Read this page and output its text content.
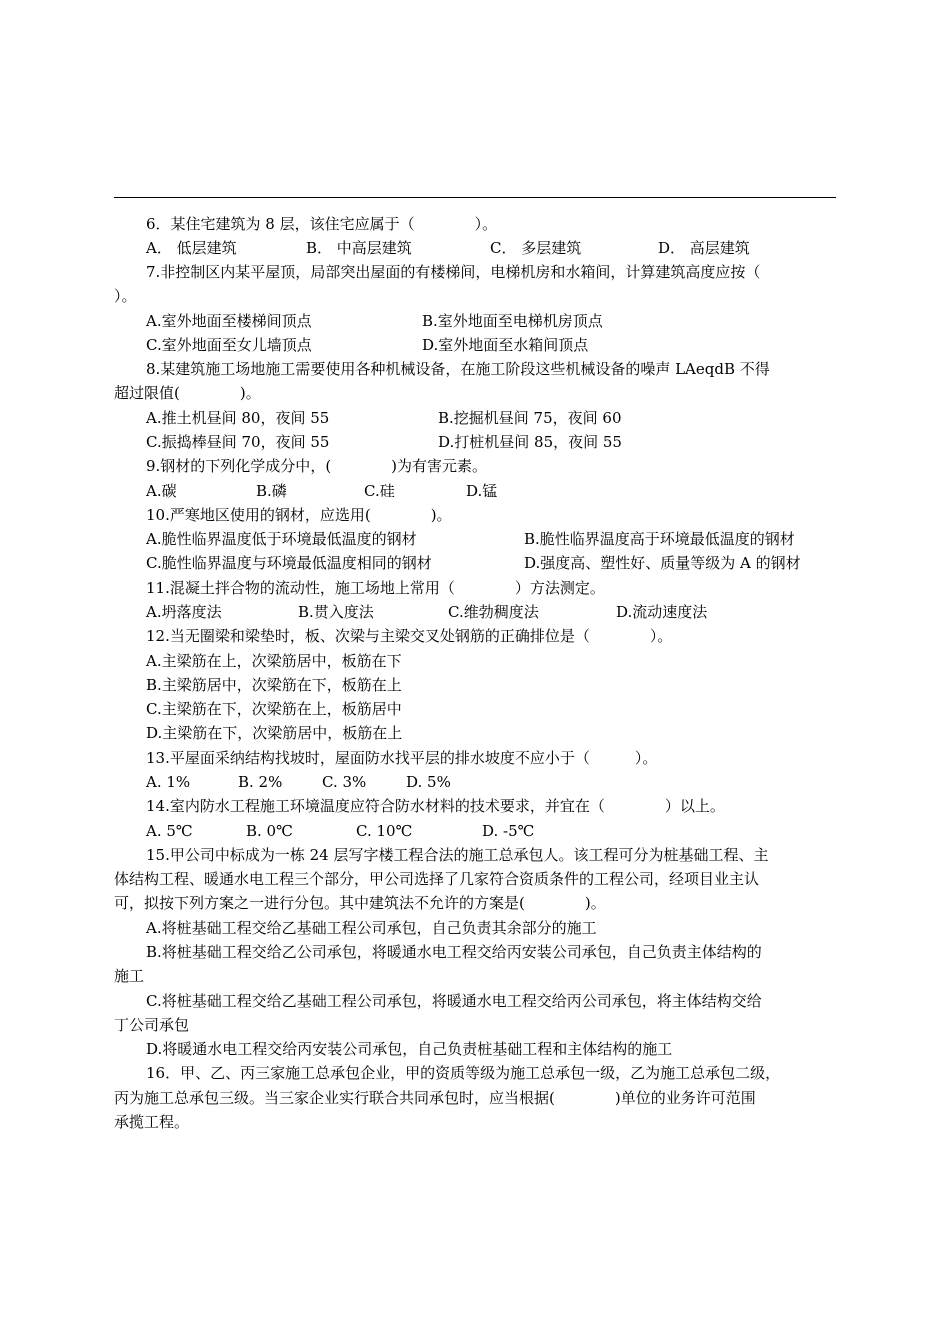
6．某住宅建筑为 8 层，该住宅应属于（　　　　）。
A． 低层建筑	B． 中高层建筑	C． 多层建筑	D． 高层建筑
7.非控制区内某平屋顶，局部突出屋面的有楼梯间，电梯机房和水箱间，计算建筑高度应按（
）。
A.室外地面至楼梯间顶点	B.室外地面至电梯机房顶点
C.室外地面至女儿墙顶点	D.室外地面至水箱间顶点
8.某建筑施工场地施工需要使用各种机械设备，在施工阶段这些机械设备的噪声 LAeqdB 不得
超过限值(　　　　)。
A.推土机昼间 80，夜间 55	B.挖掘机昼间 75，夜间 60
C.振捣棒昼间 70，夜间 55	D.打桩机昼间 85，夜间 55
9.钢材的下列化学成分中，(　　　　)为有害元素。
A.碳	B.磷	C.硅	D.锰
10.严寒地区使用的钢材，应选用(　　　　)。
A.脆性临界温度低于环境最低温度的钢材	B.脆性临界温度高于环境最低温度的钢材
C.脆性临界温度与环境最低温度相同的钢材	D.强度高、塑性好、质量等级为 A 的钢材
11.混凝土拌合物的流动性，施工场地上常用（　　　　）方法测定。
A.坍落度法	B.贯入度法	C.维勃稠度法	D.流动速度法
12.当无圈梁和梁垫时，板、次梁与主梁交叉处钢筋的正确排位是（　　　　）。
A.主梁筋在上，次梁筋居中，板筋在下
B.主梁筋居中，次梁筋在下，板筋在上
C.主梁筋在下，次梁筋在上，板筋居中
D.主梁筋在下，次梁筋居中，板筋在上
13.平屋面采纳结构找坡时，屋面防水找平层的排水坡度不应小于（　　　）。
A. 1%	B. 2%	C. 3%	D. 5%
14.室内防水工程施工环境温度应符合防水材料的技术要求，并宜在（　　　　）以上。
A. 5℃	B. 0℃	C. 10℃	D. -5℃
15.甲公司中标成为一栋 24 层写字楼工程合法的施工总承包人。该工程可分为桩基础工程、主
体结构工程、暖通水电工程三个部分，甲公司选择了几家符合资质条件的工程公司，经项目业主认
可，拟按下列方案之一进行分包。其中建筑法不允许的方案是(　　　　)。
A.将桩基础工程交给乙基础工程公司承包，自己负责其余部分的施工
B.将桩基础工程交给乙公司承包，将暖通水电工程交给丙安装公司承包，自己负责主体结构的
施工
C.将桩基础工程交给乙基础工程公司承包，将暖通水电工程交给丙公司承包，将主体结构交给
丁公司承包
D.将暖通水电工程交给丙安装公司承包，自己负责桩基础工程和主体结构的施工
16．甲、乙、丙三家施工总承包企业，甲的资质等级为施工总承包一级，乙为施工总承包二级，
丙为施工总承包三级。当三家企业实行联合共同承包时，应当根据(　　　　)单位的业务许可范围
承揽工程。
